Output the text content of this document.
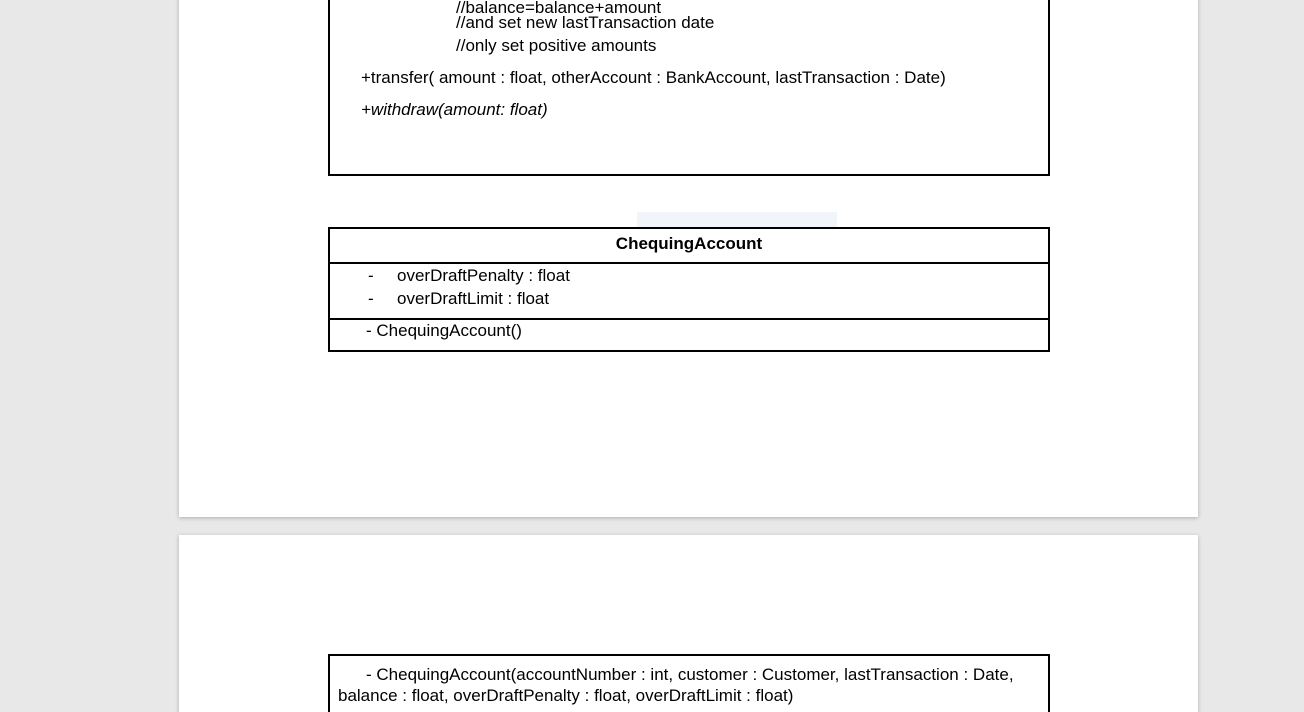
//balance=balance+amount
//and set new lastTransaction date
//only set positive amounts
+transfer( amount : float, otherAccount : BankAccount, lastTransaction : Date)
+withdraw(amount: float)
ChequingAccount
- overDraftPenalty : float
- overDraftLimit : float
- ChequingAccount()
- ChequingAccount(accountNumber : int, customer : Customer, lastTransaction : Date,
balance : float, overDraftPenalty : float, overDraftLimit : float)
